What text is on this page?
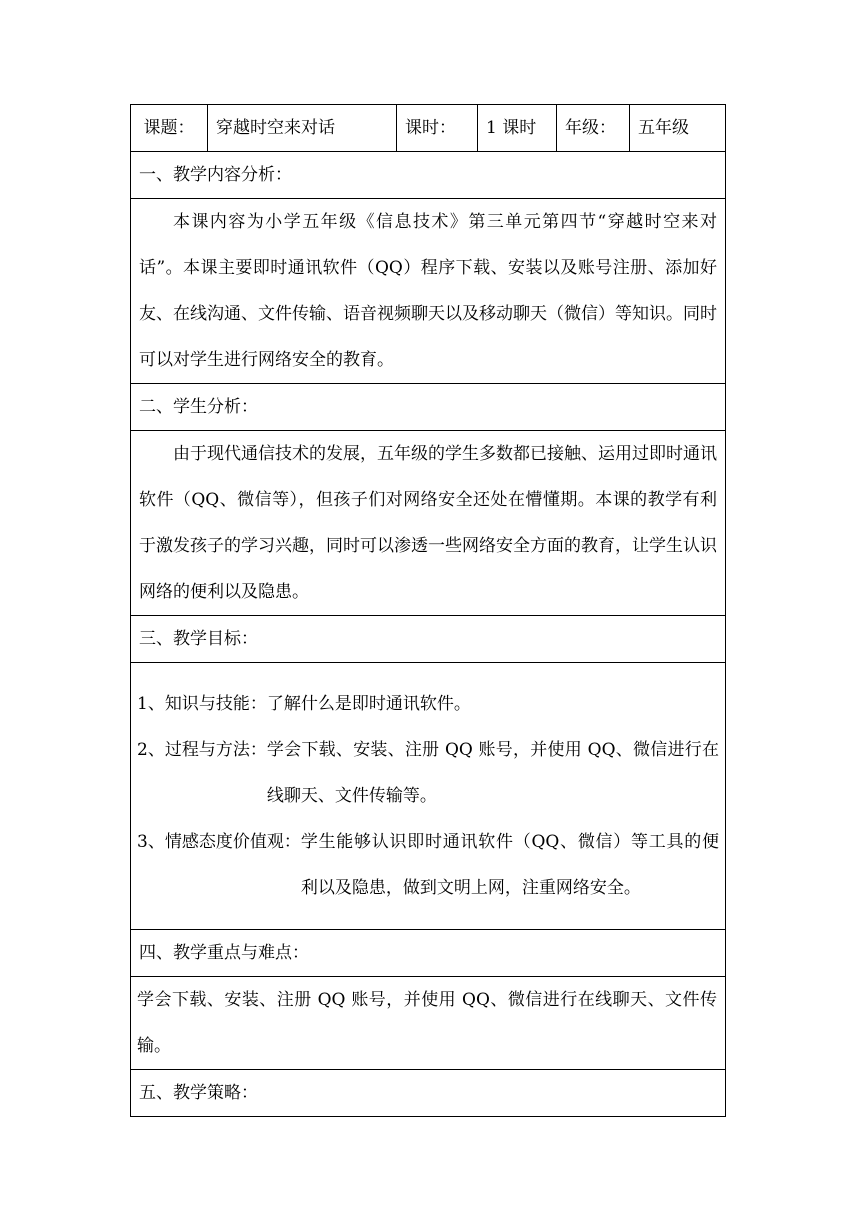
课题：	穿越时空来对话	课时：	1 课时	年级：	五年级
一、教学内容分析：
本课内容为小学五年级《信息技术》第三单元第四节“穿越时空来对话”。本课主要即时通讯软件（QQ）程序下载、安装以及账号注册、添加好友、在线沟通、文件传输、语音视频聊天以及移动聊天（微信）等知识。同时可以对学生进行网络安全的教育。
二、学生分析：
由于现代通信技术的发展，五年级的学生多数都已接触、运用过即时通讯软件（QQ、微信等），但孩子们对网络安全还处在懵懂期。本课的教学有利于激发孩子的学习兴趣，同时可以渗透一些网络安全方面的教育，让学生认识网络的便利以及隐患。
三、教学目标：

1、知识与技能： 了解什么是即时通讯软件。
2、过程与方法： 学会下载、安装、注册 QQ 账号，并使用 QQ、微信进行在线聊天、文件传输等。
3、情感态度价值观： 学生能够认识即时通讯软件（QQ、微信）等工具的便利以及隐患，做到文明上网，注重网络安全。

四、教学重点与难点：
学会下载、安装、注册 QQ 账号，并使用 QQ、微信进行在线聊天、文件传输。
五、教学策略：
